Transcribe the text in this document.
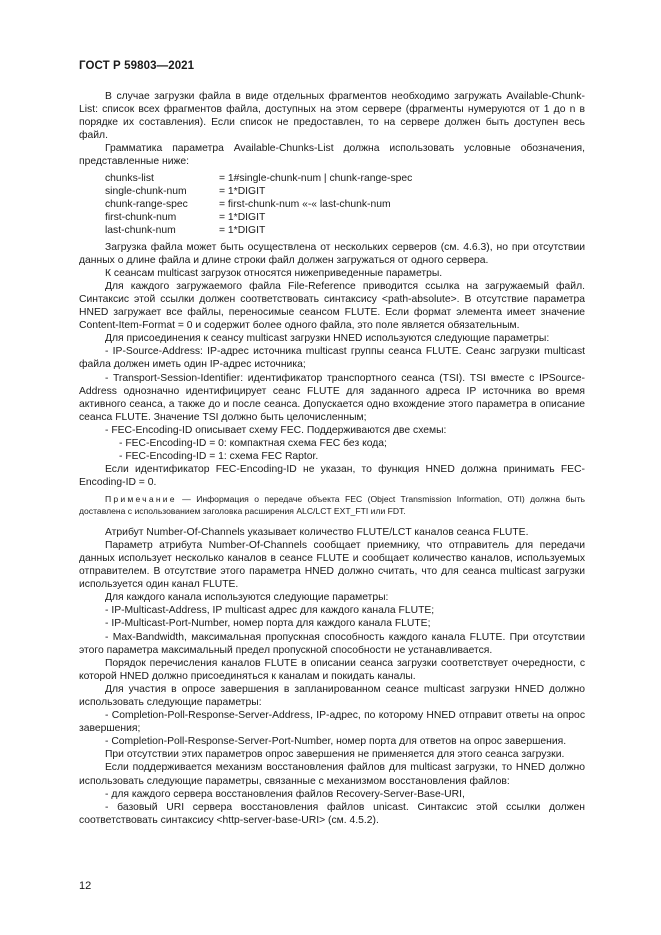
ГОСТ Р 59803—2021

В случае загрузки файла в виде отдельных фрагментов необходимо загружать Available-Chunk-List: список всех фрагментов файла, доступных на этом сервере (фрагменты нумеруются от 1 до n в порядке их составления). Если список не предоставлен, то на сервере должен быть доступен весь файл.

Грамматика параметра Available-Chunks-List должна использовать условные обозначения, представленные ниже:

chunks-list	= 1#single-chunk-num | chunk-range-spec
single-chunk-num	= 1*DIGIT
chunk-range-spec	= first-chunk-num «-« last-chunk-num
first-chunk-num	= 1*DIGIT
last-chunk-num	= 1*DIGIT

Загрузка файла может быть осуществлена от нескольких серверов (см. 4.6.3), но при отсутствии данных о длине файла и длине строки файл должен загружаться от одного сервера.

К сеансам multicast загрузок относятся нижеприведенные параметры.

Для каждого загружаемого файла File-Reference приводится ссылка на загружаемый файл. Синтаксис этой ссылки должен соответствовать синтаксису <path-absolute>. В отсутствие параметра HNED загружает все файлы, переносимые сеансом FLUTE. Если формат элемента имеет значение Content-Item-Format = 0 и содержит более одного файла, это поле является обязательным.

Для присоединения к сеансу multicast загрузки HNED используются следующие параметры:

- IP-Source-Address: IP-адрес источника multicast группы сеанса FLUTE. Сеанс загрузки multicast файла должен иметь один IP-адрес источника;

- Transport-Session-Identifier: идентификатор транспортного сеанса (TSI). TSI вместе с IPSource-Address однозначно идентифицирует сеанс FLUTE для заданного адреса IP источника во время активного сеанса, а также до и после сеанса. Допускается одно вхождение этого параметра в описание сеанса FLUTE. Значение TSI должно быть целочисленным;

- FEC-Encoding-ID описывает схему FEC. Поддерживаются две схемы:

- FEC-Encoding-ID = 0: компактная схема FEC без кода;

- FEC-Encoding-ID = 1: схема FEC Raptor.

Если идентификатор FEC-Encoding-ID не указан, то функция HNED должна принимать FEC-Encoding-ID = 0.

Примечание — Информация о передаче объекта FEC (Object Transmission Information, OTI) должна быть доставлена с использованием заголовка расширения ALC/LCT EXT_FTI или FDT.

Атрибут Number-Of-Channels указывает количество FLUTE/LCT каналов сеанса FLUTE.

Параметр атрибута Number-Of-Channels сообщает приемнику, что отправитель для передачи данных использует несколько каналов в сеансе FLUTE и сообщает количество каналов, используемых отправителем. В отсутствие этого параметра HNED должно считать, что для сеанса multicast загрузки используется один канал FLUTE.

Для каждого канала используются следующие параметры:

- IP-Multicast-Address, IP multicast адрес для каждого канала FLUTE;

- IP-Multicast-Port-Number, номер порта для каждого канала FLUTE;

- Max-Bandwidth, максимальная пропускная способность каждого канала FLUTE. При отсутствии этого параметра максимальный предел пропускной способности не устанавливается.

Порядок перечисления каналов FLUTE в описании сеанса загрузки соответствует очередности, с которой HNED должно присоединяться к каналам и покидать каналы.

Для участия в опросе завершения в запланированном сеансе multicast загрузки HNED должно использовать следующие параметры:

- Completion-Poll-Response-Server-Address, IP-адрес, по которому HNED отправит ответы на опрос завершения;

- Completion-Poll-Response-Server-Port-Number, номер порта для ответов на опрос завершения.

При отсутствии этих параметров опрос завершения не применяется для этого сеанса загрузки.

Если поддерживается механизм восстановления файлов для multicast загрузки, то HNED должно использовать следующие параметры, связанные с механизмом восстановления файлов:

- для каждого сервера восстановления файлов Recovery-Server-Base-URI,

- базовый URI сервера восстановления файлов unicast. Синтаксис этой ссылки должен соответствовать синтаксису <http-server-base-URI> (см. 4.5.2).

12
